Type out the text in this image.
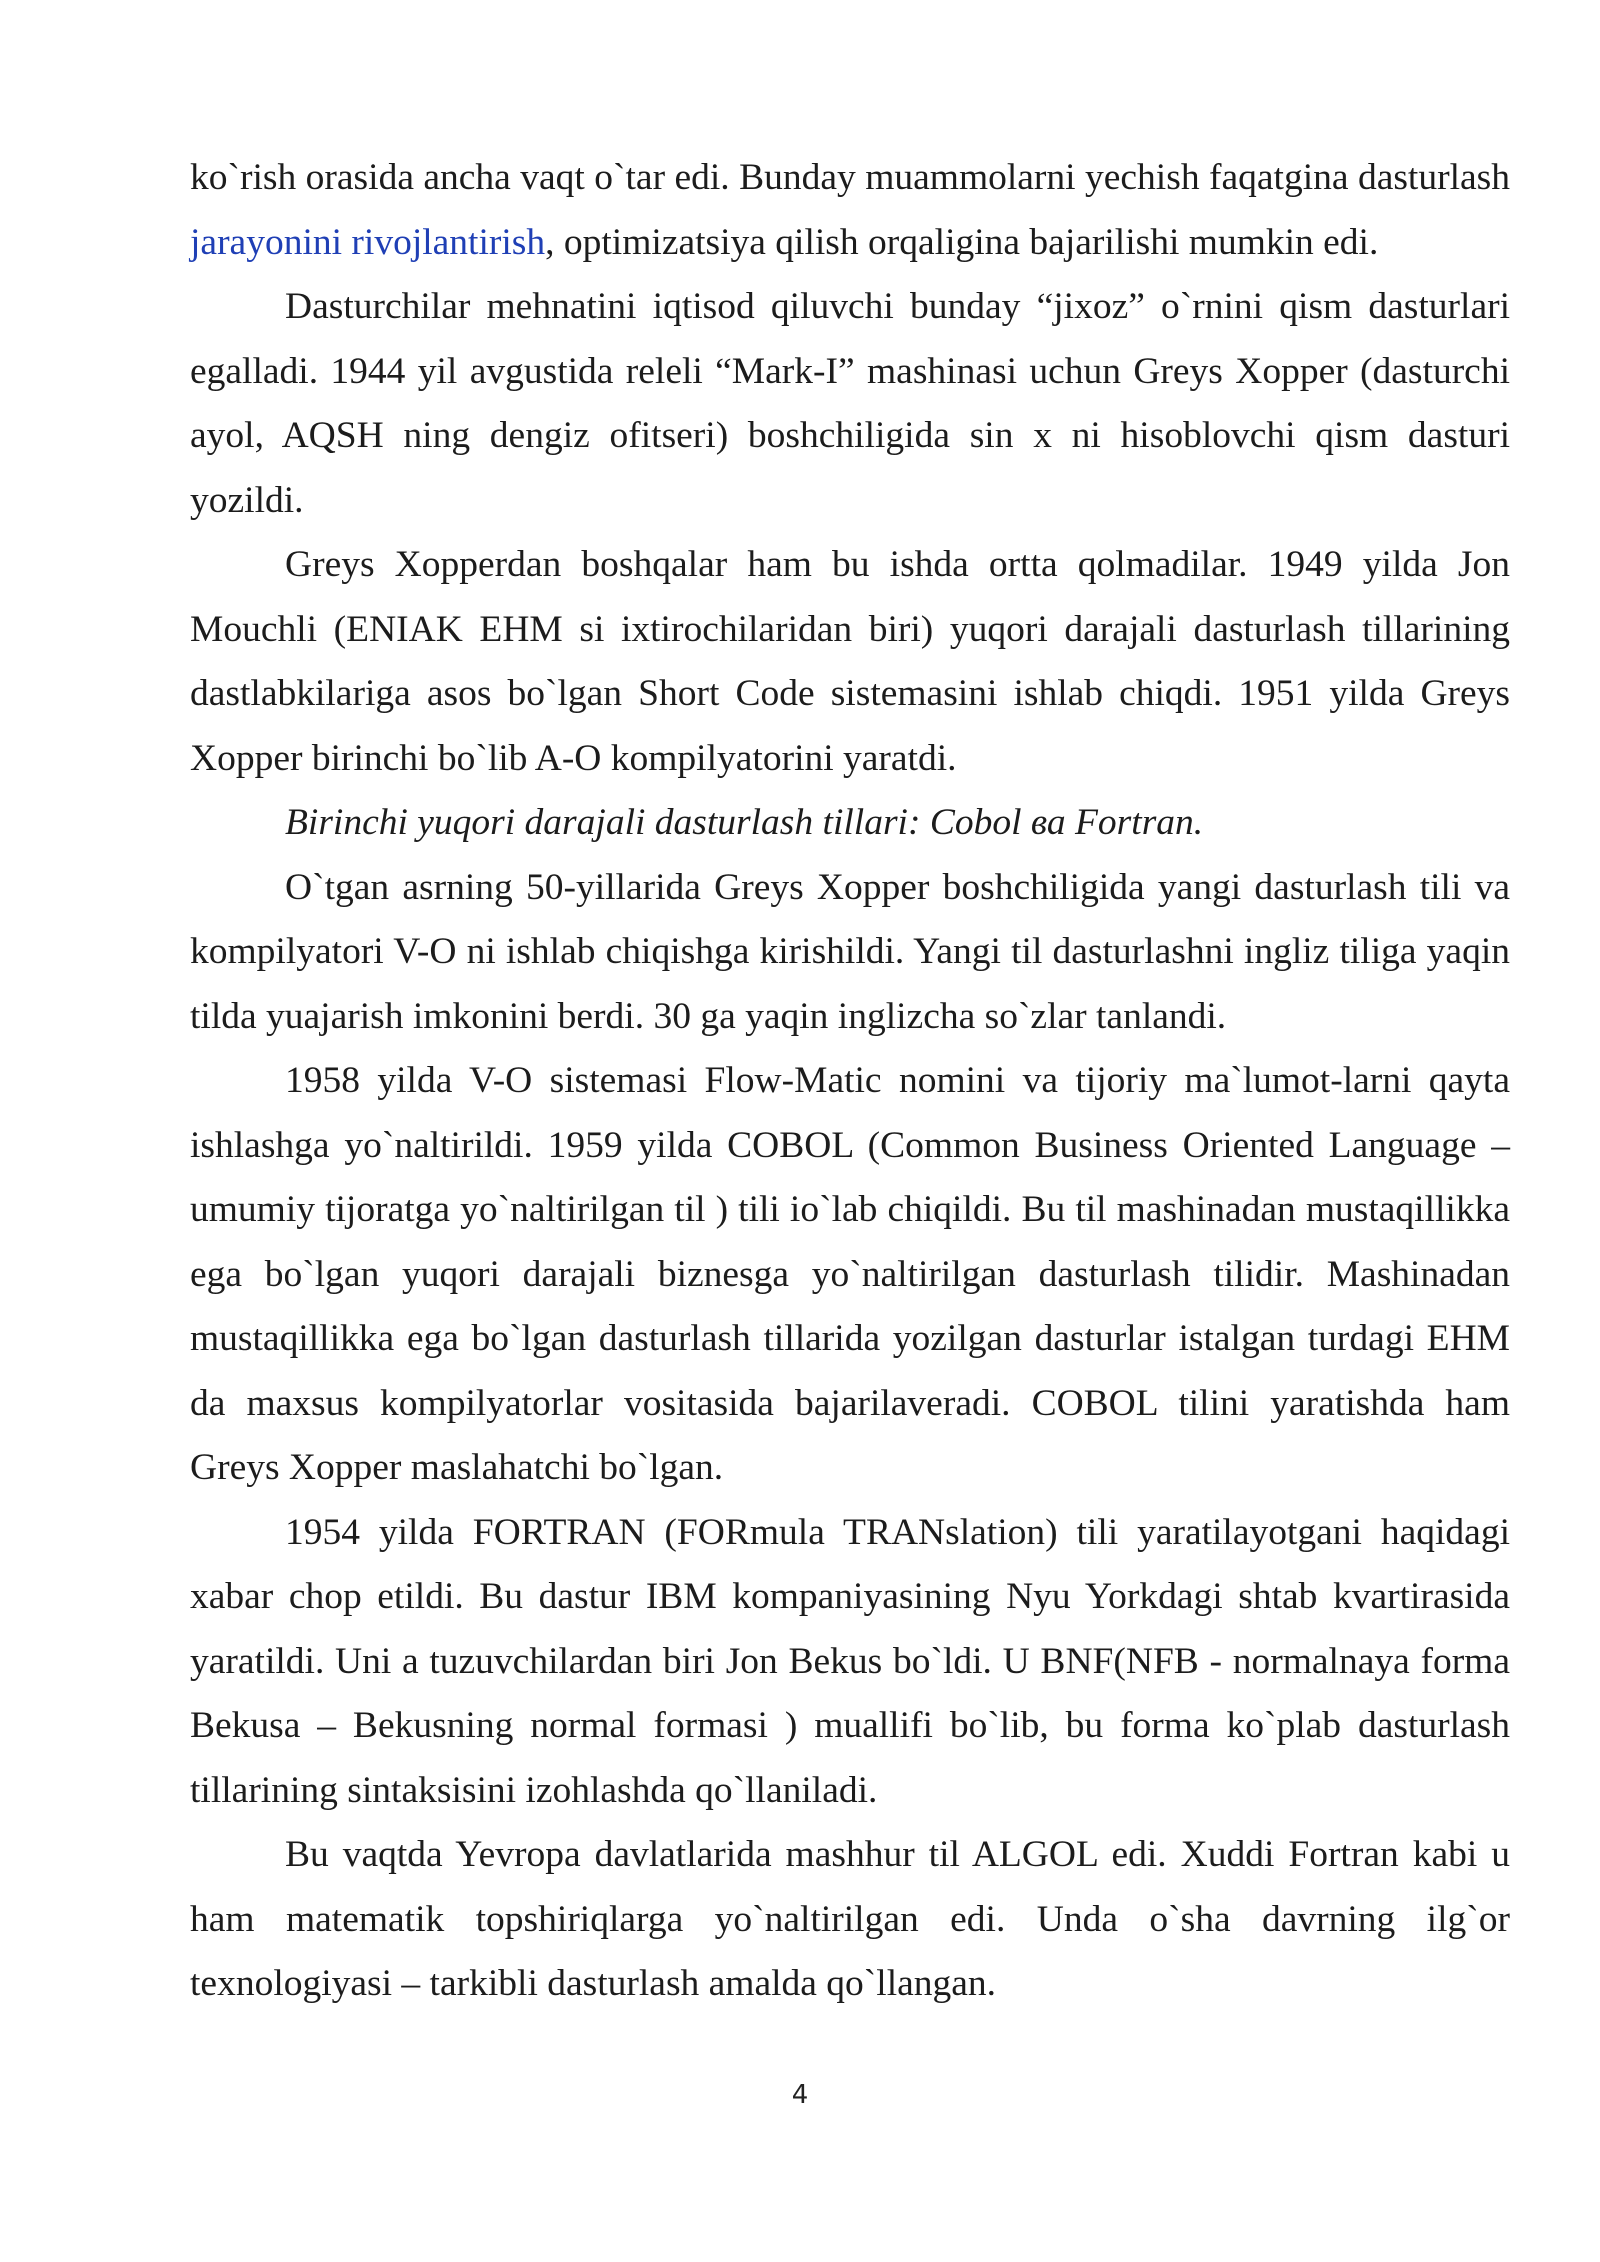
ko`rish orasida ancha vaqt o`tar edi. Bunday muammolarni yechish faqatgina dasturlash jarayonini rivojlantirish, optimizatsiya qilish orqaligina bajarilishi mumkin edi.

Dasturchilar mehnatini iqtisod qiluvchi bunday “jixoz” o`rnini qism dasturlari egalladi. 1944 yil avgustida releli “Mark-I” mashinasi uchun Greys Xopper (dasturchi ayol, AQSH ning dengiz ofitseri) boshchiligida sin x ni hisoblovchi qism dasturi yozildi.

Greys Xopperdan boshqalar ham bu ishda ortta qolmadilar. 1949 yilda Jon Mouchli (ENIAK EHM si ixtirochilaridan biri) yuqori darajali dasturlash tillarining dastlabkilariga asos bo`lgan Short Code sistemasini ishlab chiqdi. 1951 yilda Greys Xopper birinchi bo`lib A-O kompilyatorini yaratdi.

Birinchi yuqori darajali dasturlash tillari: Cobol ва Fortran.

O`tgan asrning 50-yillarida Greys Xopper boshchiligida yangi dasturlash tili va kompilyatori V-O ni ishlab chiqishga kirishildi. Yangi til dasturlashni ingliz tiliga yaqin tilda yuajarish imkonini berdi. 30 ga yaqin inglizcha so`zlar tanlandi.

1958 yilda V-O sistemasi Flow-Matic nomini va tijoriy ma`lumot-larni qayta ishlashga yo`naltirildi. 1959 yilda COBOL (Common Business Oriented Language – umumiy tijoratga yo`naltirilgan til ) tili io`lab chiqildi. Bu til mashinadan mustaqillikka ega bo`lgan yuqori darajali biznesga yo`naltirilgan dasturlash tilidir. Mashinadan mustaqillikka ega bo`lgan dasturlash tillarida yozilgan dasturlar istalgan turdagi EHM da maxsus kompilyatorlar vositasida bajarilaveradi. COBOL tilini yaratishda ham Greys Xopper maslahatchi bo`lgan.

1954 yilda FORTRAN (FORmula TRANslation) tili yaratilayotgani haqidagi xabar chop etildi. Bu dastur IBM kompaniyasining Nyu Yorkdagi shtab kvartirasida yaratildi. Uni a tuzuvchilardan biri Jon Bekus bo`ldi. U BNF(NFB - normalnaya forma Bekusa – Bekusning normal formasi ) muallifi bo`lib, bu forma ko`plab dasturlash tillarining sintaksisini izohlashda qo`llaniladi.

Bu vaqtda Yevropa davlatlarida mashhur til ALGOL edi. Xuddi Fortran kabi u ham matematik topshiriqlarga yo`naltirilgan edi. Unda o`sha davrning ilg`or texnologiyasi – tarkibli dasturlash amalda qo`llangan.

4
